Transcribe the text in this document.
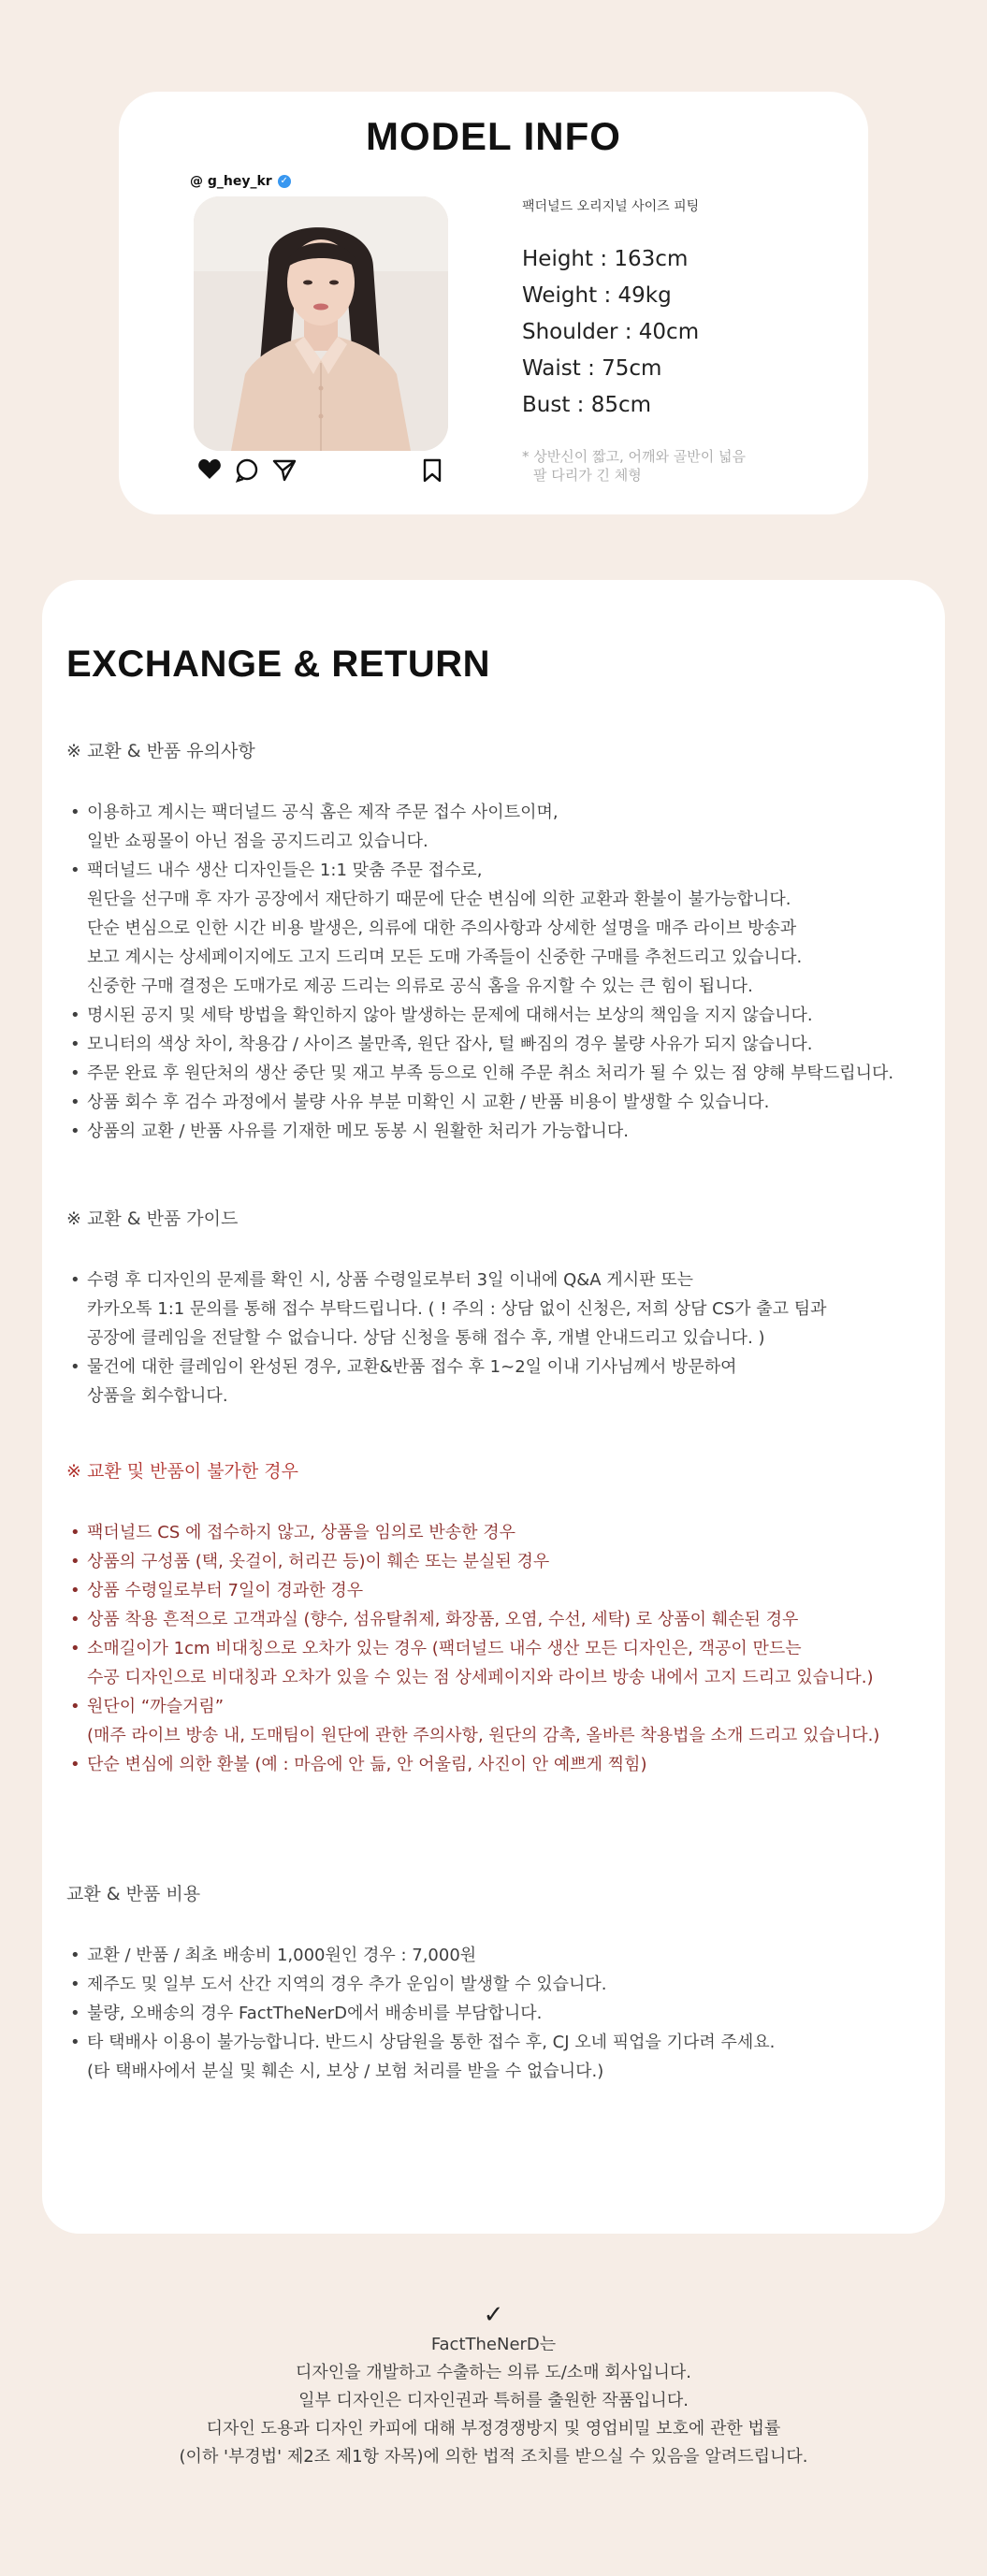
MODEL INFO
@ g_hey_kr ✓
팩더널드 오리지널 사이즈 피팅
Height : 163cm
Weight : 49kg
Shoulder : 40cm
Waist : 75cm
Bust : 85cm
* 상반신이 짧고, 어깨와 골반이 넓음
팔 다리가 긴 체형
EXCHANGE & RETURN
※ 교환 & 반품 유의사항
• 이용하고 계시는 팩더널드 공식 홈은 제작 주문 접수 사이트이며,
일반 쇼핑몰이 아닌 점을 공지드리고 있습니다.
• 팩더널드 내수 생산 디자인들은 1:1 맞춤 주문 접수로,
원단을 선구매 후 자가 공장에서 재단하기 때문에 단순 변심에 의한 교환과 환불이 불가능합니다.
단순 변심으로 인한 시간 비용 발생은, 의류에 대한 주의사항과 상세한 설명을 매주 라이브 방송과
보고 계시는 상세페이지에도 고지 드리며 모든 도매 가족들이 신중한 구매를 추천드리고 있습니다.
신중한 구매 결정은 도매가로 제공 드리는 의류로 공식 홈을 유지할 수 있는 큰 힘이 됩니다.
• 명시된 공지 및 세탁 방법을 확인하지 않아 발생하는 문제에 대해서는 보상의 책임을 지지 않습니다.
• 모니터의 색상 차이, 착용감 / 사이즈 불만족, 원단 잡사, 털 빠짐의 경우 불량 사유가 되지 않습니다.
• 주문 완료 후 원단처의 생산 중단 및 재고 부족 등으로 인해 주문 취소 처리가 될 수 있는 점 양해 부탁드립니다.
• 상품 회수 후 검수 과정에서 불량 사유 부분 미확인 시 교환 / 반품 비용이 발생할 수 있습니다.
• 상품의 교환 / 반품 사유를 기재한 메모 동봉 시 원활한 처리가 가능합니다.
※ 교환 & 반품 가이드
• 수령 후 디자인의 문제를 확인 시, 상품 수령일로부터 3일 이내에 Q&A 게시판 또는
카카오톡 1:1 문의를 통해 접수 부탁드립니다. ( ! 주의 : 상담 없이 신청은, 저희 상담 CS가 출고 팀과
공장에 클레임을 전달할 수 없습니다. 상담 신청을 통해 접수 후, 개별 안내드리고 있습니다. )
• 물건에 대한 클레임이 완성된 경우, 교환&반품 접수 후 1~2일 이내 기사님께서 방문하여
상품을 회수합니다.
※ 교환 및 반품이 불가한 경우
• 팩더널드 CS 에 접수하지 않고, 상품을 임의로 반송한 경우
• 상품의 구성품 (택, 옷걸이, 허리끈 등)이 훼손 또는 분실된 경우
• 상품 수령일로부터 7일이 경과한 경우
• 상품 착용 흔적으로 고객과실 (향수, 섬유탈취제, 화장품, 오염, 수선, 세탁) 로 상품이 훼손된 경우
• 소매길이가 1cm 비대칭으로 오차가 있는 경우 (팩더널드 내수 생산 모든 디자인은, 객공이 만드는
수공 디자인으로 비대칭과 오차가 있을 수 있는 점 상세페이지와 라이브 방송 내에서 고지 드리고 있습니다.)
• 원단이 “까슬거림”
(매주 라이브 방송 내, 도매팀이 원단에 관한 주의사항, 원단의 감촉, 올바른 착용법을 소개 드리고 있습니다.)
• 단순 변심에 의한 환불 (예 : 마음에 안 듦, 안 어울림, 사진이 안 예쁘게 찍힘)
교환 & 반품 비용
• 교환 / 반품 / 최초 배송비 1,000원인 경우 : 7,000원
• 제주도 및 일부 도서 산간 지역의 경우 추가 운임이 발생할 수 있습니다.
• 불량, 오배송의 경우 FactTheNerD에서 배송비를 부담합니다.
• 타 택배사 이용이 불가능합니다. 반드시 상담원을 통한 접수 후, CJ 오네 픽업을 기다려 주세요.
(타 택배사에서 분실 및 훼손 시, 보상 / 보험 처리를 받을 수 없습니다.)
✓
FactTheNerD는
디자인을 개발하고 수출하는 의류 도/소매 회사입니다.
일부 디자인은 디자인권과 특허를 출원한 작품입니다.
디자인 도용과 디자인 카피에 대해 부정경쟁방지 및 영업비밀 보호에 관한 법률
(이하 '부경법' 제2조 제1항 자목)에 의한 법적 조치를 받으실 수 있음을 알려드립니다.
